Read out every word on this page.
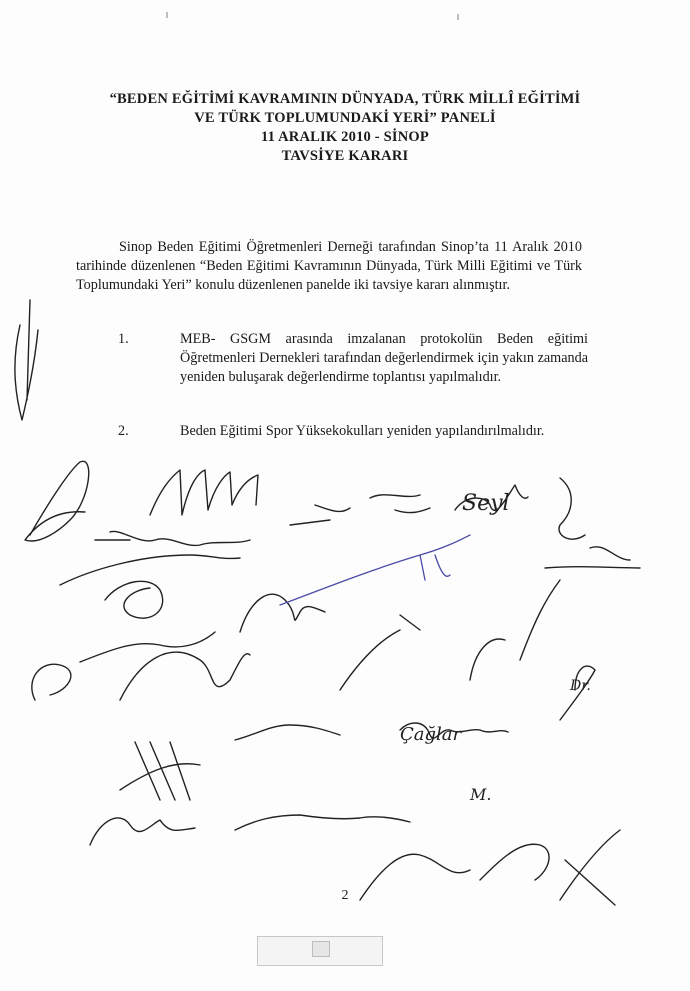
“BEDEN EĞİTİMİ KAVRAMININ DÜNYADA, TÜRK MİLLÎ EĞİTİMİ
VE TÜRK TOPLUMUNDAKİ YERİ” PANELİ
11 ARALIK 2010 - SİNOP
TAVSİYE KARARI
Sinop Beden Eğitimi Öğretmenleri Derneği tarafından Sinop’ta 11 Aralık 2010 tarihinde düzenlenen “Beden Eğitimi Kavramının Dünyada, Türk Milli Eğitimi ve Türk Toplumundaki Yeri” konulu düzenlenen panelde iki tavsiye kararı alınmıştır.
1.	MEB- GSGM arasında imzalanan protokolün Beden eğitimi Öğretmenleri Dernekleri tarafından değerlendirmek için yakın zamanda yeniden buluşarak değerlendirme toplantısı yapılmalıdır.
2.	Beden Eğitimi Spor Yüksekokulları yeniden yapılandırılmalıdır.
Seyl
Çağlar
M.
Dr.
2
